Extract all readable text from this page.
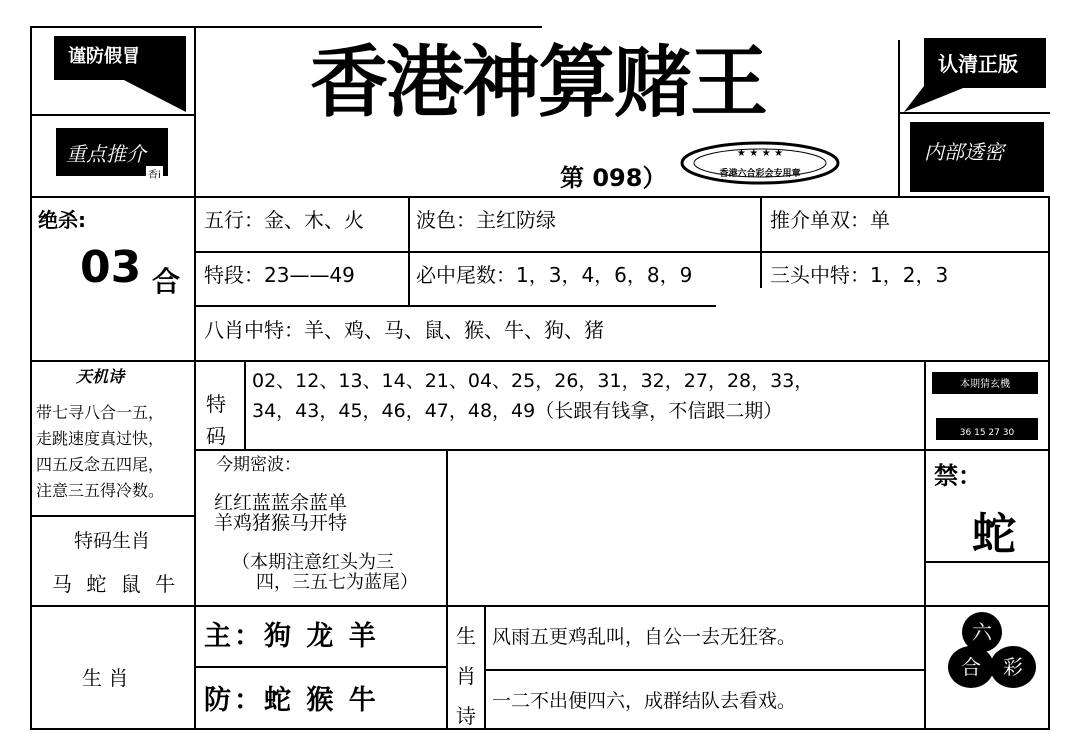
香港神算赌王
第 098）
★ ★ ★ ★
香港六合彩会专用章
谨防假冒	认清正版
重点推介
香i
内部透密
绝杀:
03 合
五行：金、木、火	波色：主红防绿	推介单双：单
特段：23——49	必中尾数：1，3，4，6，8，9	三头中特：1，2，3
八肖中特：羊、鸡、马、鼠、猴、牛、狗、猪
天机诗
带七寻八合一五，
走跳速度真过快，
四五反念五四尾，
注意三五得冷数。
特
码
02、12、13、14、21、04、25，26，31，32，27，28，33，
34，43，45，46，47，48，49（长跟有钱拿，不信跟二期）
本期猜玄機
36 15 27 30
今期密波：
红红蓝蓝余蓝单
羊鸡猪猴马开特
（本期注意红头为三
四，三五七为蓝尾）
禁：
蛇
特码生肖
马 蛇 鼠 牛
生 肖
主：狗 龙 羊
防：蛇 猴 牛
生
肖
诗
风雨五更鸡乱叫，自公一去无狂客。
一二不出便四六，成群结队去看戏。
六
合	彩
